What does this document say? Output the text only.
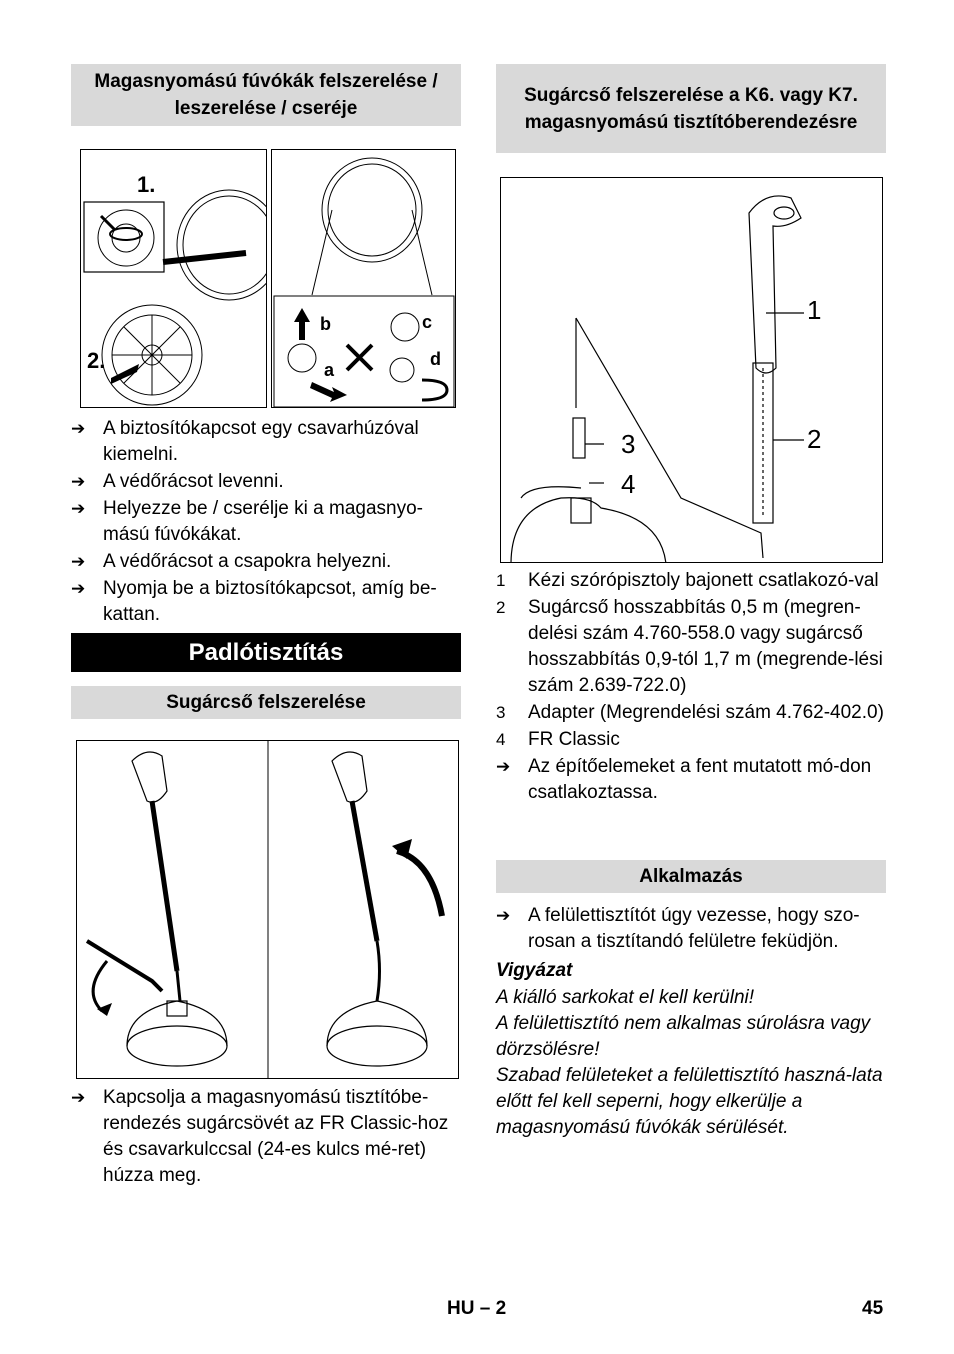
Magasnyomású fúvókák felszerelése / leszerelése / cseréje
1.
2.
b	c
a
d
➔ A biztosítókapcsot egy csavarhúzóval kiemelni.
➔ A védőrácsot levenni.
➔ Helyezze be / cserélje ki a magasnyo-mású fúvókákat.
➔ A védőrácsot a csapokra helyezni.
➔ Nyomja be a biztosítókapcsot, amíg be-kattan.
Padlótisztítás
Sugárcső felszerelése
➔ Kapcsolja a magasnyomású tisztítóbe-rendezés sugárcsövét az FR Classic-hoz és csavarkulccsal (24-es kulcs mé-ret) húzza meg.
Sugárcső felszerelése a K6. vagy K7. magasnyomású tisztítóberendezésre
1
2
3
4
1	Kézi szórópisztoly bajonett csatlakozó-val
2	Sugárcső hosszabbítás 0,5 m (megren-delési szám 4.760-558.0 vagy sugárcső hosszabbítás 0,9-tól 1,7 m (megrende-lési szám 2.639-722.0)
3	Adapter (Megrendelési szám 4.762-402.0)
4	FR Classic
➔ Az építőelemeket a fent mutatott mó-don csatlakoztassa.
Alkalmazás
➔ A felülettisztítót úgy vezesse, hogy szo-rosan a tisztítandó felületre feküdjön.
Vigyázat
A kiálló sarkokat el kell kerülni!
A felülettisztító nem alkalmas súrolásra vagy dörzsölésre!
Szabad felületeket a felülettisztító haszná-lata előtt fel kell seperni, hogy elkerülje a magasnyomású fúvókák sérülését.
HU – 2	45
